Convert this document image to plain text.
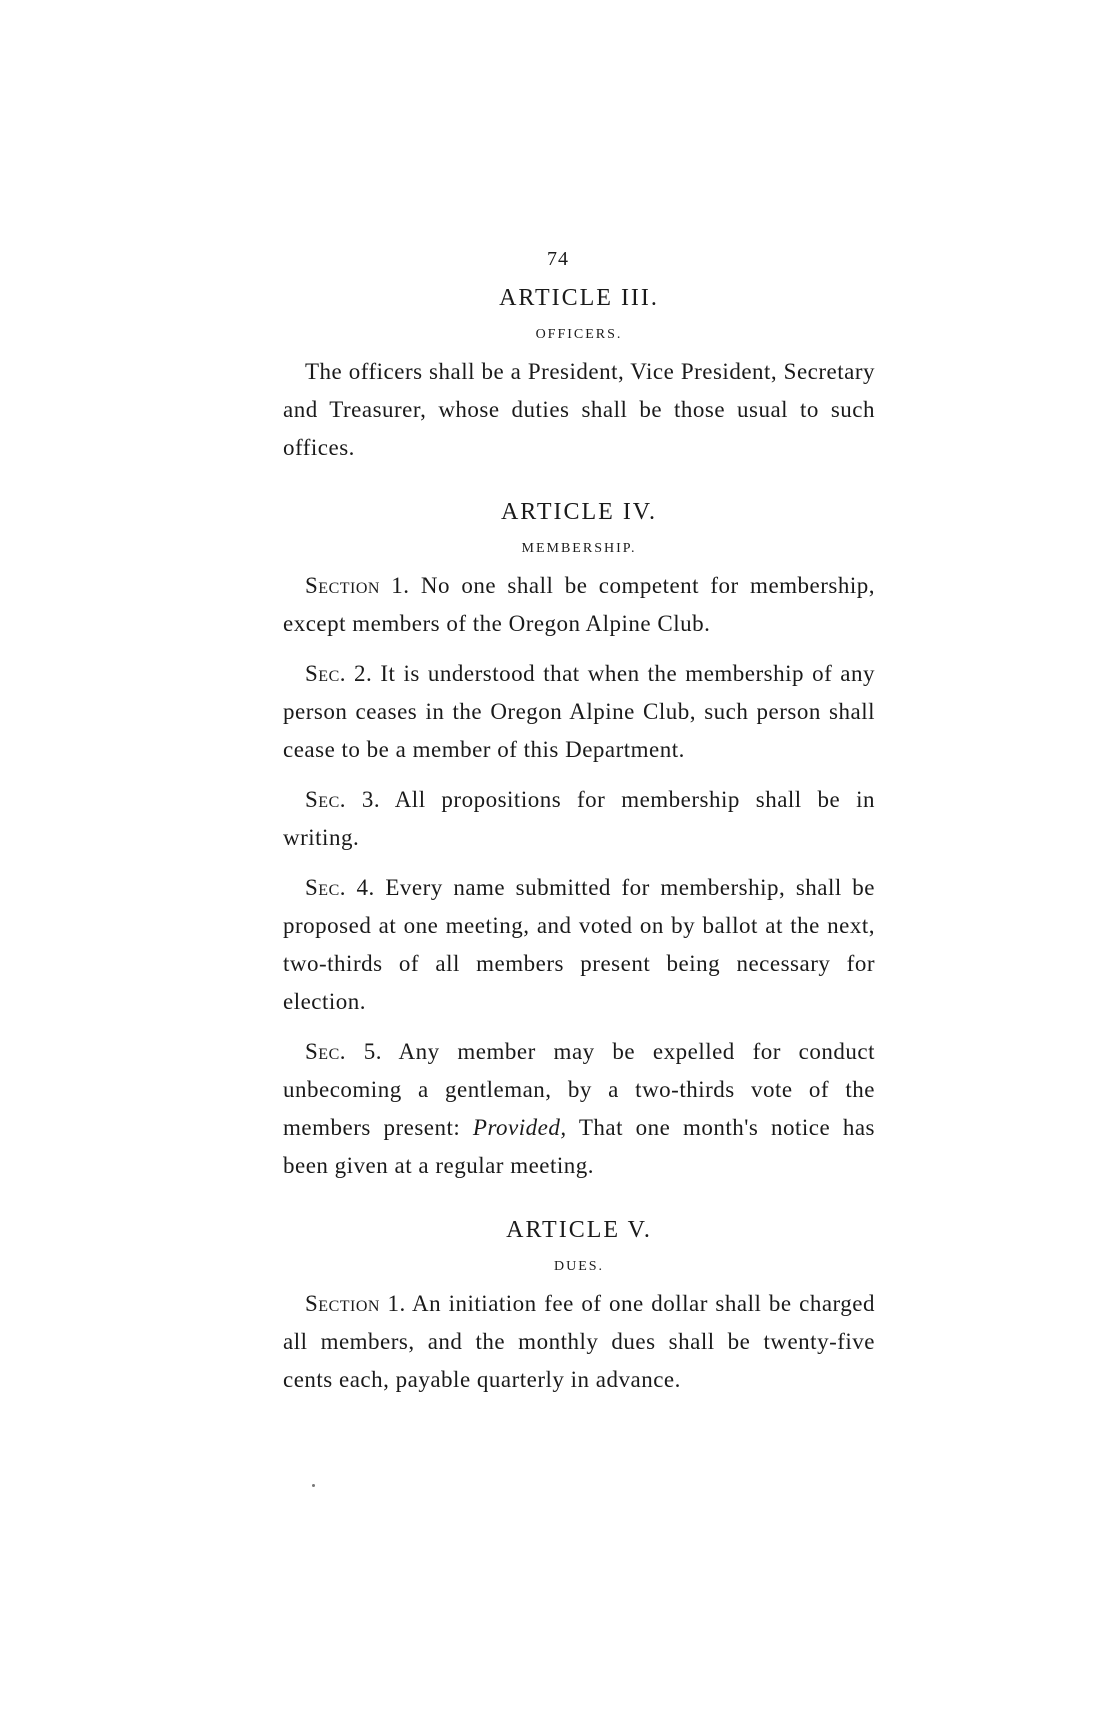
74
ARTICLE III.
OFFICERS.

The officers shall be a President, Vice President, Secretary and Treasurer, whose duties shall be those usual to such offices.

ARTICLE IV.
MEMBERSHIP.

Section 1. No one shall be competent for membership, except members of the Oregon Alpine Club.

Sec. 2. It is understood that when the membership of any person ceases in the Oregon Alpine Club, such person shall cease to be a member of this Department.

Sec. 3. All propositions for membership shall be in writing.

Sec. 4. Every name submitted for membership, shall be proposed at one meeting, and voted on by ballot at the next, two-thirds of all members present being necessary for election.

Sec. 5. Any member may be expelled for conduct unbecoming a gentleman, by a two-thirds vote of the members present: Provided, That one month's notice has been given at a regular meeting.

ARTICLE V.
DUES.

Section 1. An initiation fee of one dollar shall be charged all members, and the monthly dues shall be twenty-five cents each, payable quarterly in advance.
